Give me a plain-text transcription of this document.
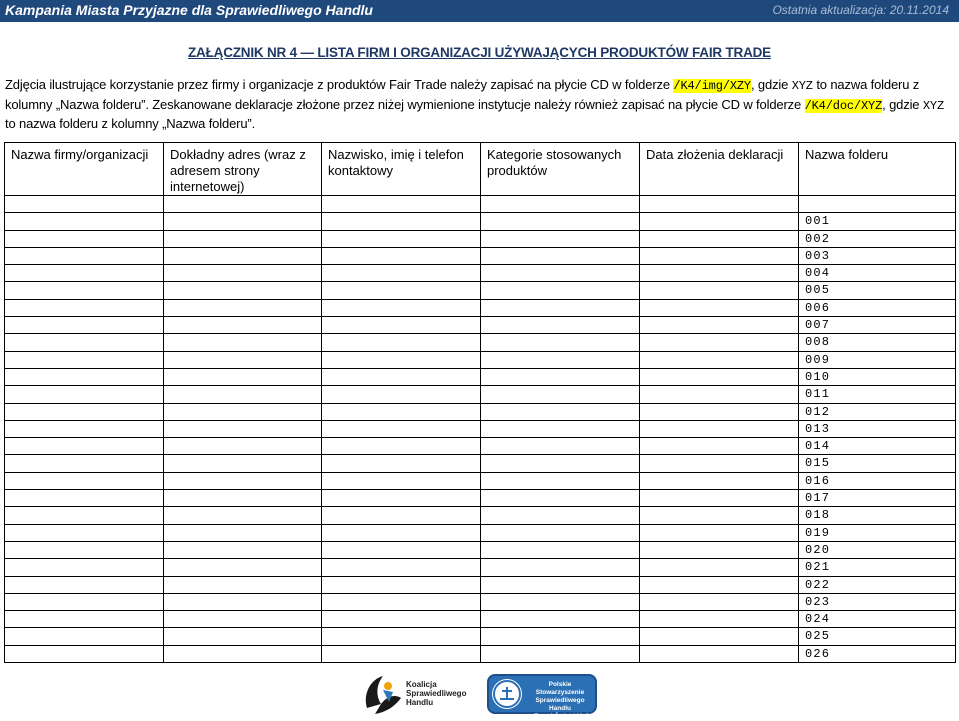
Kampania Miasta Przyjazne dla Sprawiedliwego Handlu	Ostatnia aktualizacja: 20.11.2014
ZAŁĄCZNIK NR 4 — LISTA FIRM I ORGANIZACJI UŻYWAJĄCYCH PRODUKTÓW FAIR TRADE
Zdjęcia ilustrujące korzystanie przez firmy i organizacje z produktów Fair Trade należy zapisać na płycie CD w folderze /K4/img/XZY, gdzie XYZ to nazwa folderu z kolumny „Nazwa folderu”. Zeskanowane deklaracje złożone przez niżej wymienione instytucje należy również zapisać na płycie CD w folderze /K4/doc/XYZ, gdzie XYZ to nazwa folderu z kolumny „Nazwa folderu”.
Nazwa firmy/organizacji	Dokładny adres (wraz z adresem strony internetowej)	Nazwisko, imię i telefon kontaktowy	Kategorie stosowanych produktów	Data złożenia deklaracji	Nazwa folderu

					001
					002
					003
					004
					005
					006
					007
					008
					009
					010
					011
					012
					013
					014
					015
					016
					017
					018
					019
					020
					021
					022
					023
					024
					025
					026
Koalicja
Sprawiedliwego
Handlu
Polskie Stowarzyszenie
Sprawiedliwego Handlu
„Trzeci Świat i My”
